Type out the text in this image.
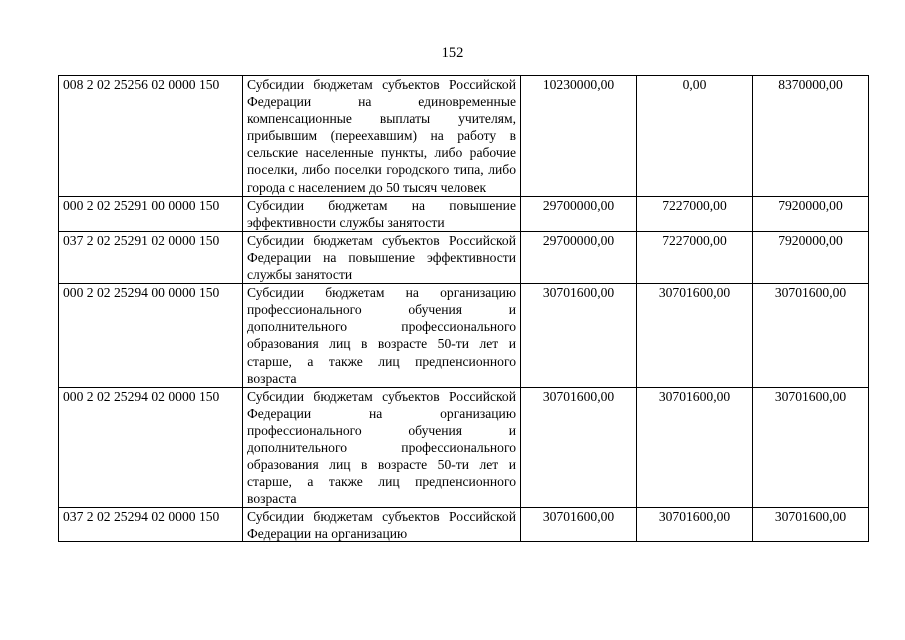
152
008 2 02 25256 02 0000 150	Субсидии бюджетам субъектов Российской Федерации на единовременные компенсационные выплаты учителям, прибывшим (переехавшим) на работу в сельские населенные пункты, либо рабочие поселки, либо поселки городского типа, либо города с населением до 50 тысяч человек	10230000,00	0,00	8370000,00
000 2 02 25291 00 0000 150	Субсидии бюджетам на повышение эффективности службы занятости	29700000,00	7227000,00	7920000,00
037 2 02 25291 02 0000 150	Субсидии бюджетам субъектов Российской Федерации на повышение эффективности службы занятости	29700000,00	7227000,00	7920000,00
000 2 02 25294 00 0000 150	Субсидии бюджетам на организацию профессионального обучения и дополнительного профессионального образования лиц в возрасте 50-ти лет и старше, а также лиц предпенсионного возраста	30701600,00	30701600,00	30701600,00
000 2 02 25294 02 0000 150	Субсидии бюджетам субъектов Российской Федерации на организацию профессионального обучения и дополнительного профессионального образования лиц в возрасте 50-ти лет и старше, а также лиц предпенсионного возраста	30701600,00	30701600,00	30701600,00
037 2 02 25294 02 0000 150	Субсидии бюджетам субъектов Российской Федерации на организацию	30701600,00	30701600,00	30701600,00
